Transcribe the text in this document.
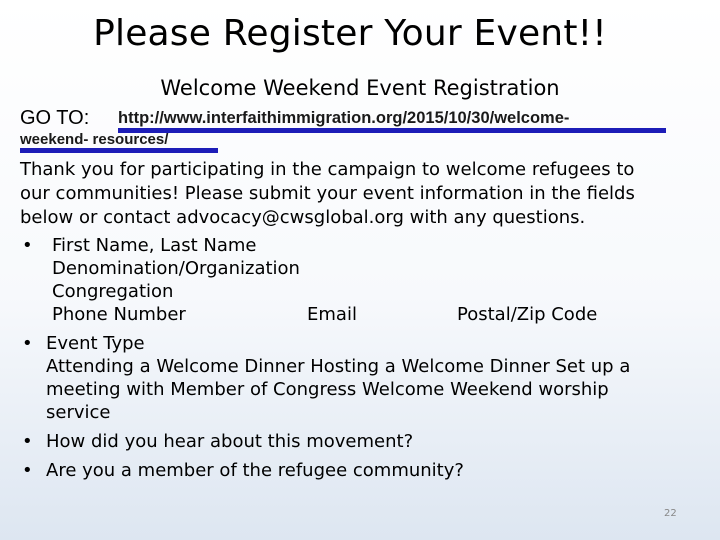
Please Register Your Event!!
Welcome Weekend Event Registration
GO TO: http://www.interfaithimmigration.org/2015/10/30/welcome-
weekend- resources/
Thank you for participating in the campaign to welcome refugees to
our communities! Please submit your event information in the fields
below or contact advocacy@cwsglobal.org with any questions.
• First Name, Last Name
Denomination/Organization
Congregation
Phone Number	Email	Postal/Zip Code
• Event Type
Attending a Welcome Dinner Hosting a Welcome Dinner Set up a
meeting with Member of Congress Welcome Weekend worship
service
• How did you hear about this movement?
• Are you a member of the refugee community?
22
